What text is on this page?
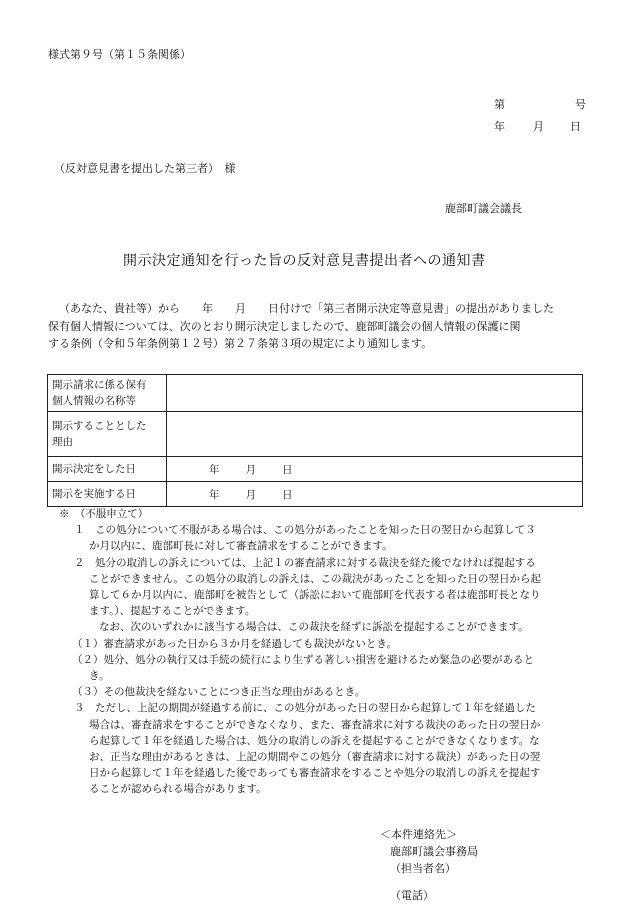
様式第９号（第１５条関係）
第	号
年	月 日
（反対意見書を提出した第三者）　様
鹿部町議会議長
開示決定通知を行った旨の反対意見書提出者への通知書
（あなた、貴社等）から　　年　　月　　日付けで「第三者開示決定等意見書」の提出がありました
保有個人情報については、次のとおり開示決定しましたので、鹿部町議会の個人情報の保護に関
する条例（令和５年条例第１２号）第２７条第３項の規定により通知します。
開示請求に係る保有
個人情報の名称等	

開示することとした
理由	

開示決定をした日	年 月 日

開示を実施する日	年 月 日
※　（不服申立て）
１　この処分について不服がある場合は、この処分があったことを知った日の翌日から起算して３
か月以内に、鹿部町長に対して審査請求をすることができます。
２　処分の取消しの訴えについては、上記１の審査請求に対する裁決を経た後でなければ提起する
ことができません。この処分の取消しの訴えは、この裁決があったことを知った日の翌日から起
算して６か月以内に、鹿部町を被告として（訴訟において鹿部町を代表する者は鹿部町長となり
ます。）、提起することができます。
なお、次のいずれかに該当する場合は、この裁決を経ずに訴訟を提起することができます。
（１）審査請求があった日から３か月を経過しても裁決がないとき。
（２）処分、処分の執行又は手続の続行により生ずる著しい損害を避けるため緊急の必要があると
き。
（３）その他裁決を経ないことにつき正当な理由があるとき。
３　ただし、上記の期間が経過する前に、この処分があった日の翌日から起算して１年を経過した
場合は、審査請求をすることができなくなり、また、審査請求に対する裁決のあった日の翌日か
ら起算して１年を経過した場合は、処分の取消しの訴えを提起することができなくなります。な
お、正当な理由があるときは、上記の期間やこの処分（審査請求に対する裁決）があった日の翌
日から起算して１年を経過した後であっても審査請求をすることや処分の取消しの訴えを提起す
ることが認められる場合があります。
＜本件連絡先＞
鹿部町議会事務局
（担当者名）
（電話）
